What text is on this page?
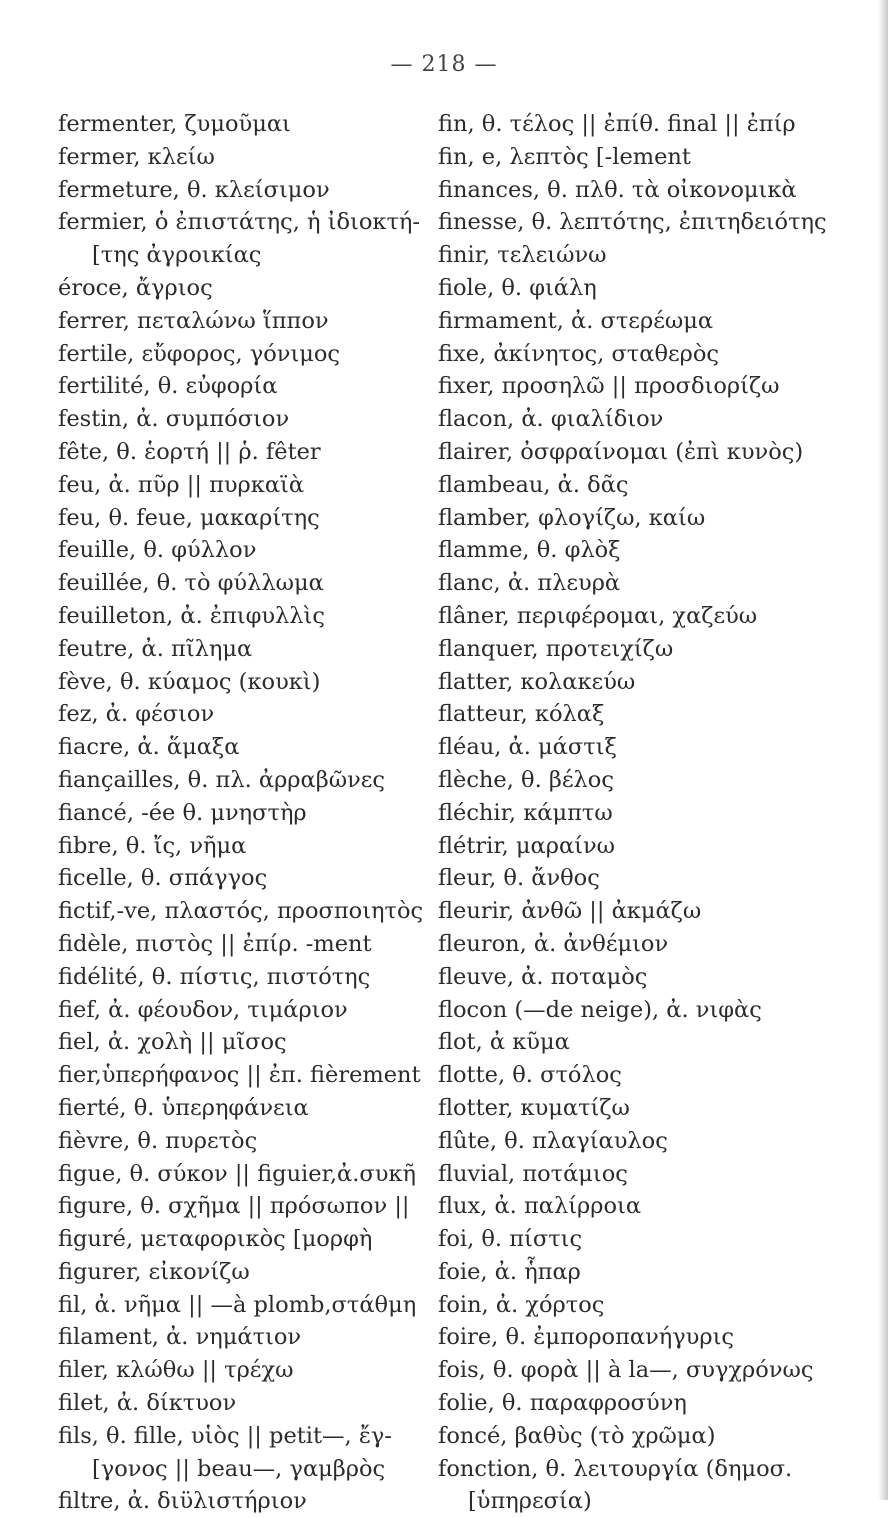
— 218 —
fermenter, ζυμοῦμαι
fermer, κλείω
fermeture, θ. κλείσιμον
fermier, ὁ ἐπιστάτης, ἡ ἰδιοκτή-
[της ἀγροικίας
éroce, ἄγριος
ferrer, πεταλώνω ἵππον
fertile, εὔφορος, γόνιμος
fertilité, θ. εὐφορία
festin, ἀ. συμπόσιον
fête, θ. ἑορτή || ῥ. fêter
feu, ἀ. πῦρ || πυρκαϊὰ
feu, θ. feue, μακαρίτης
feuille, θ. φύλλον
feuillée, θ. τὸ φύλλωμα
feuilleton, ἀ. ἐπιφυλλὶς
feutre, ἀ. πῖλημα
fève, θ. κύαμος (κουκὶ)
fez, ἀ. φέσιον
fiacre, ἀ. ἅμαξα
fiançailles, θ. πλ. ἀρραβῶνες
fiancé, -ée θ. μνηστὴρ
fibre, θ. ἴς, νῆμα
ficelle, θ. σπάγγος
fictif,-ve, πλαστός, προσποιητὸς
fidèle, πιστὸς || ἐπίρ. -ment
fidélité, θ. πίστις, πιστότης
fief, ἀ. φέουδον, τιμάριον
fiel, ἀ. χολὴ || μῖσος
fier,ὑπερήφανος || ἐπ. fièrement
fierté, θ. ὑπερηφάνεια
fièvre, θ. πυρετὸς
figue, θ. σύκον || figuier,ἀ.συκῆ
figure, θ. σχῆμα || πρόσωπον ||
figuré, μεταφορικὸς [μορφὴ
figurer, εἰκονίζω
fil, ἀ. νῆμα || —à plomb,στάθμη
filament, ἀ. νημάτιον
filer, κλώθω || τρέχω
filet, ἀ. δίκτυον
fils, θ. fille, υἱὸς || petit—, ἔγ-
[γονος || beau—, γαμβρὸς
filtre, ἀ. διϋλιστήριον
fin, θ. τέλος || ἐπίθ. final || ἐπίρ
fin, e, λεπτὸς [-lement
finances, θ. πλθ. τὰ οἰκονομικὰ
finesse, θ. λεπτότης, ἐπιτηδειότης
finir, τελειώνω
fiole, θ. φιάλη
firmament, ἀ. στερέωμα
fixe, ἀκίνητος, σταθερὸς
fixer, προσηλῶ || προσδιορίζω
flacon, ἀ. φιαλίδιον
flairer, ὀσφραίνομαι (ἐπὶ κυνὸς)
flambeau, ἀ. δᾶς
flamber, φλογίζω, καίω
flamme, θ. φλὸξ
flanc, ἀ. πλευρὰ
flâner, περιφέρομαι, χαζεύω
flanquer, προτειχίζω
flatter, κολακεύω
flatteur, κόλαξ
fléau, ἀ. μάστιξ
flèche, θ. βέλος
fléchir, κάμπτω
flétrir, μαραίνω
fleur, θ. ἄνθος
fleurir, ἀνθῶ || ἀκμάζω
fleuron, ἀ. ἀνθέμιον
fleuve, ἀ. ποταμὸς
flocon (—de neige), ἀ. νιφὰς
flot, ἀ κῦμα
flotte, θ. στόλος
flotter, κυματίζω
flûte, θ. πλαγίαυλος
fluvial, ποτάμιος
flux, ἀ. παλίρροια
foi, θ. πίστις
foie, ἀ. ἧπαρ
foin, ἀ. χόρτος
foire, θ. ἐμποροπανήγυρις
fois, θ. φορὰ || à la—, συγχρόνως
folie, θ. παραφροσύνη
foncé, βαθὺς (τὸ χρῶμα)
fonction, θ. λειτουργία (δημοσ.
[ὑπηρεσία)
